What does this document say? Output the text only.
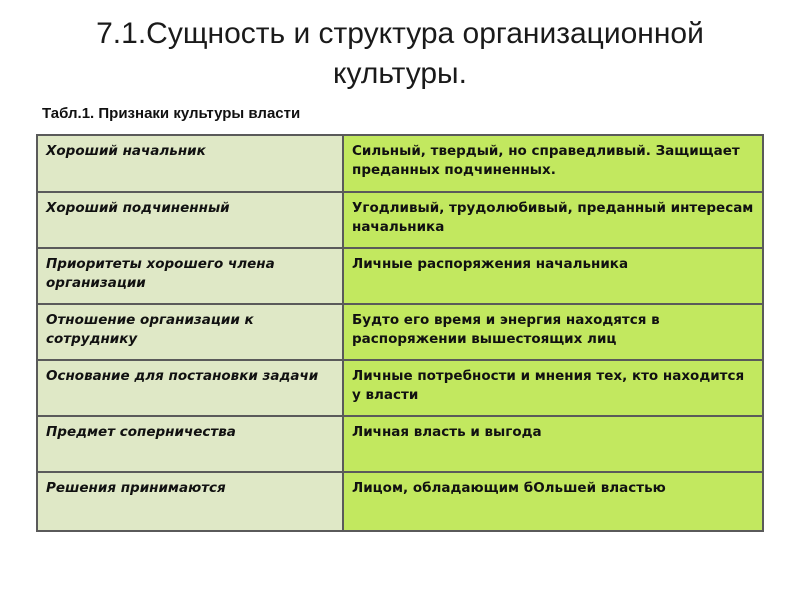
7.1.Сущность и структура организационной культуры.
Табл.1. Признаки культуры власти
Хороший начальник	Сильный, твердый, но справедливый. Защищает преданных подчиненных.
Хороший подчиненный	Угодливый, трудолюбивый, преданный интересам начальника
Приоритеты хорошего члена организации	Личные распоряжения начальника
Отношение организации к сотруднику	Будто его время и энергия находятся в распоряжении вышестоящих лиц
Основание для постановки задачи	Личные потребности и мнения тех, кто находится у власти
Предмет соперничества	Личная власть и выгода
Решения принимаются	Лицом, обладающим бОльшей властью
